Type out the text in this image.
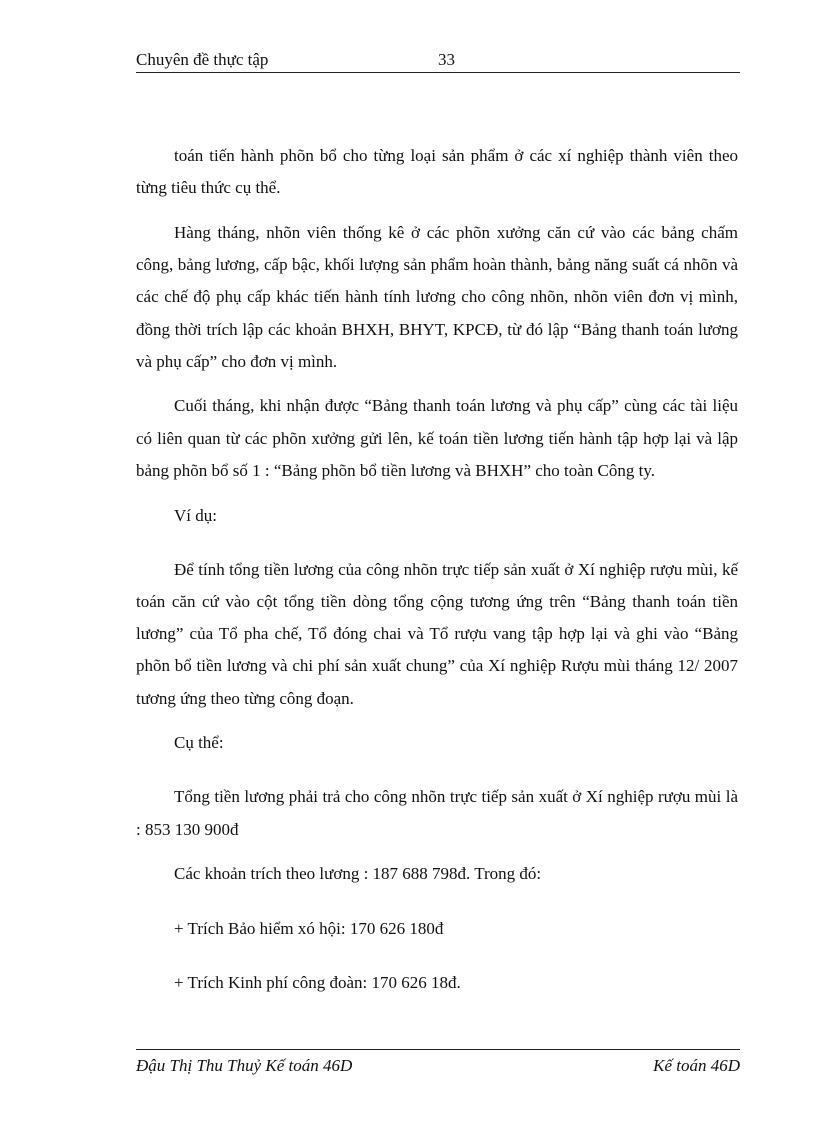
Chuyên đề thực tập	33

toán tiến hành phõn bổ cho từng loại sản phẩm ở các xí nghiệp thành viên theo từng tiêu thức cụ thể.

Hàng tháng, nhõn viên thống kê ở các phõn xưởng căn cứ vào các bảng chấm công, bảng lương, cấp bậc, khối lượng sản phẩm hoàn thành, bảng năng suất cá nhõn và các chế độ phụ cấp khác tiến hành tính lương cho công nhõn, nhõn viên đơn vị mình, đồng thời trích lập các khoản BHXH, BHYT, KPCĐ, từ đó lập “Bảng thanh toán lương và phụ cấp” cho đơn vị mình.

Cuối tháng, khi nhận được “Bảng thanh toán lương và phụ cấp” cùng các tài liệu có liên quan từ các phõn xưởng gửi lên, kế toán tiền lương tiến hành tập hợp lại và lập bảng phõn bổ số 1 : “Bảng phõn bổ tiền lương và BHXH” cho toàn Công ty.

Ví dụ:

Để tính tổng tiền lương của công nhõn trực tiếp sản xuất ở Xí nghiệp rượu mùi, kế toán căn cứ vào cột tổng tiền dòng tổng cộng tương ứng trên “Bảng thanh toán tiền lương” của Tổ pha chế, Tổ đóng chai và Tổ rượu vang tập hợp lại và ghi vào “Bảng phõn bổ tiền lương và chi phí sản xuất chung” của Xí nghiệp Rượu mùi tháng 12/ 2007 tương ứng theo từng công đoạn.

Cụ thể:

Tổng tiền lương phải trả cho công nhõn trực tiếp sản xuất ở Xí nghiệp rượu mùi là : 853 130 900đ

Các khoản trích theo lương : 187 688 798đ. Trong đó:

+ Trích Bảo hiểm xó hội: 170 626 180đ

+ Trích Kinh phí công đoàn: 170 626 18đ.

Đậu Thị Thu Thuỷ Kế toán 46D	Kế toán 46D
